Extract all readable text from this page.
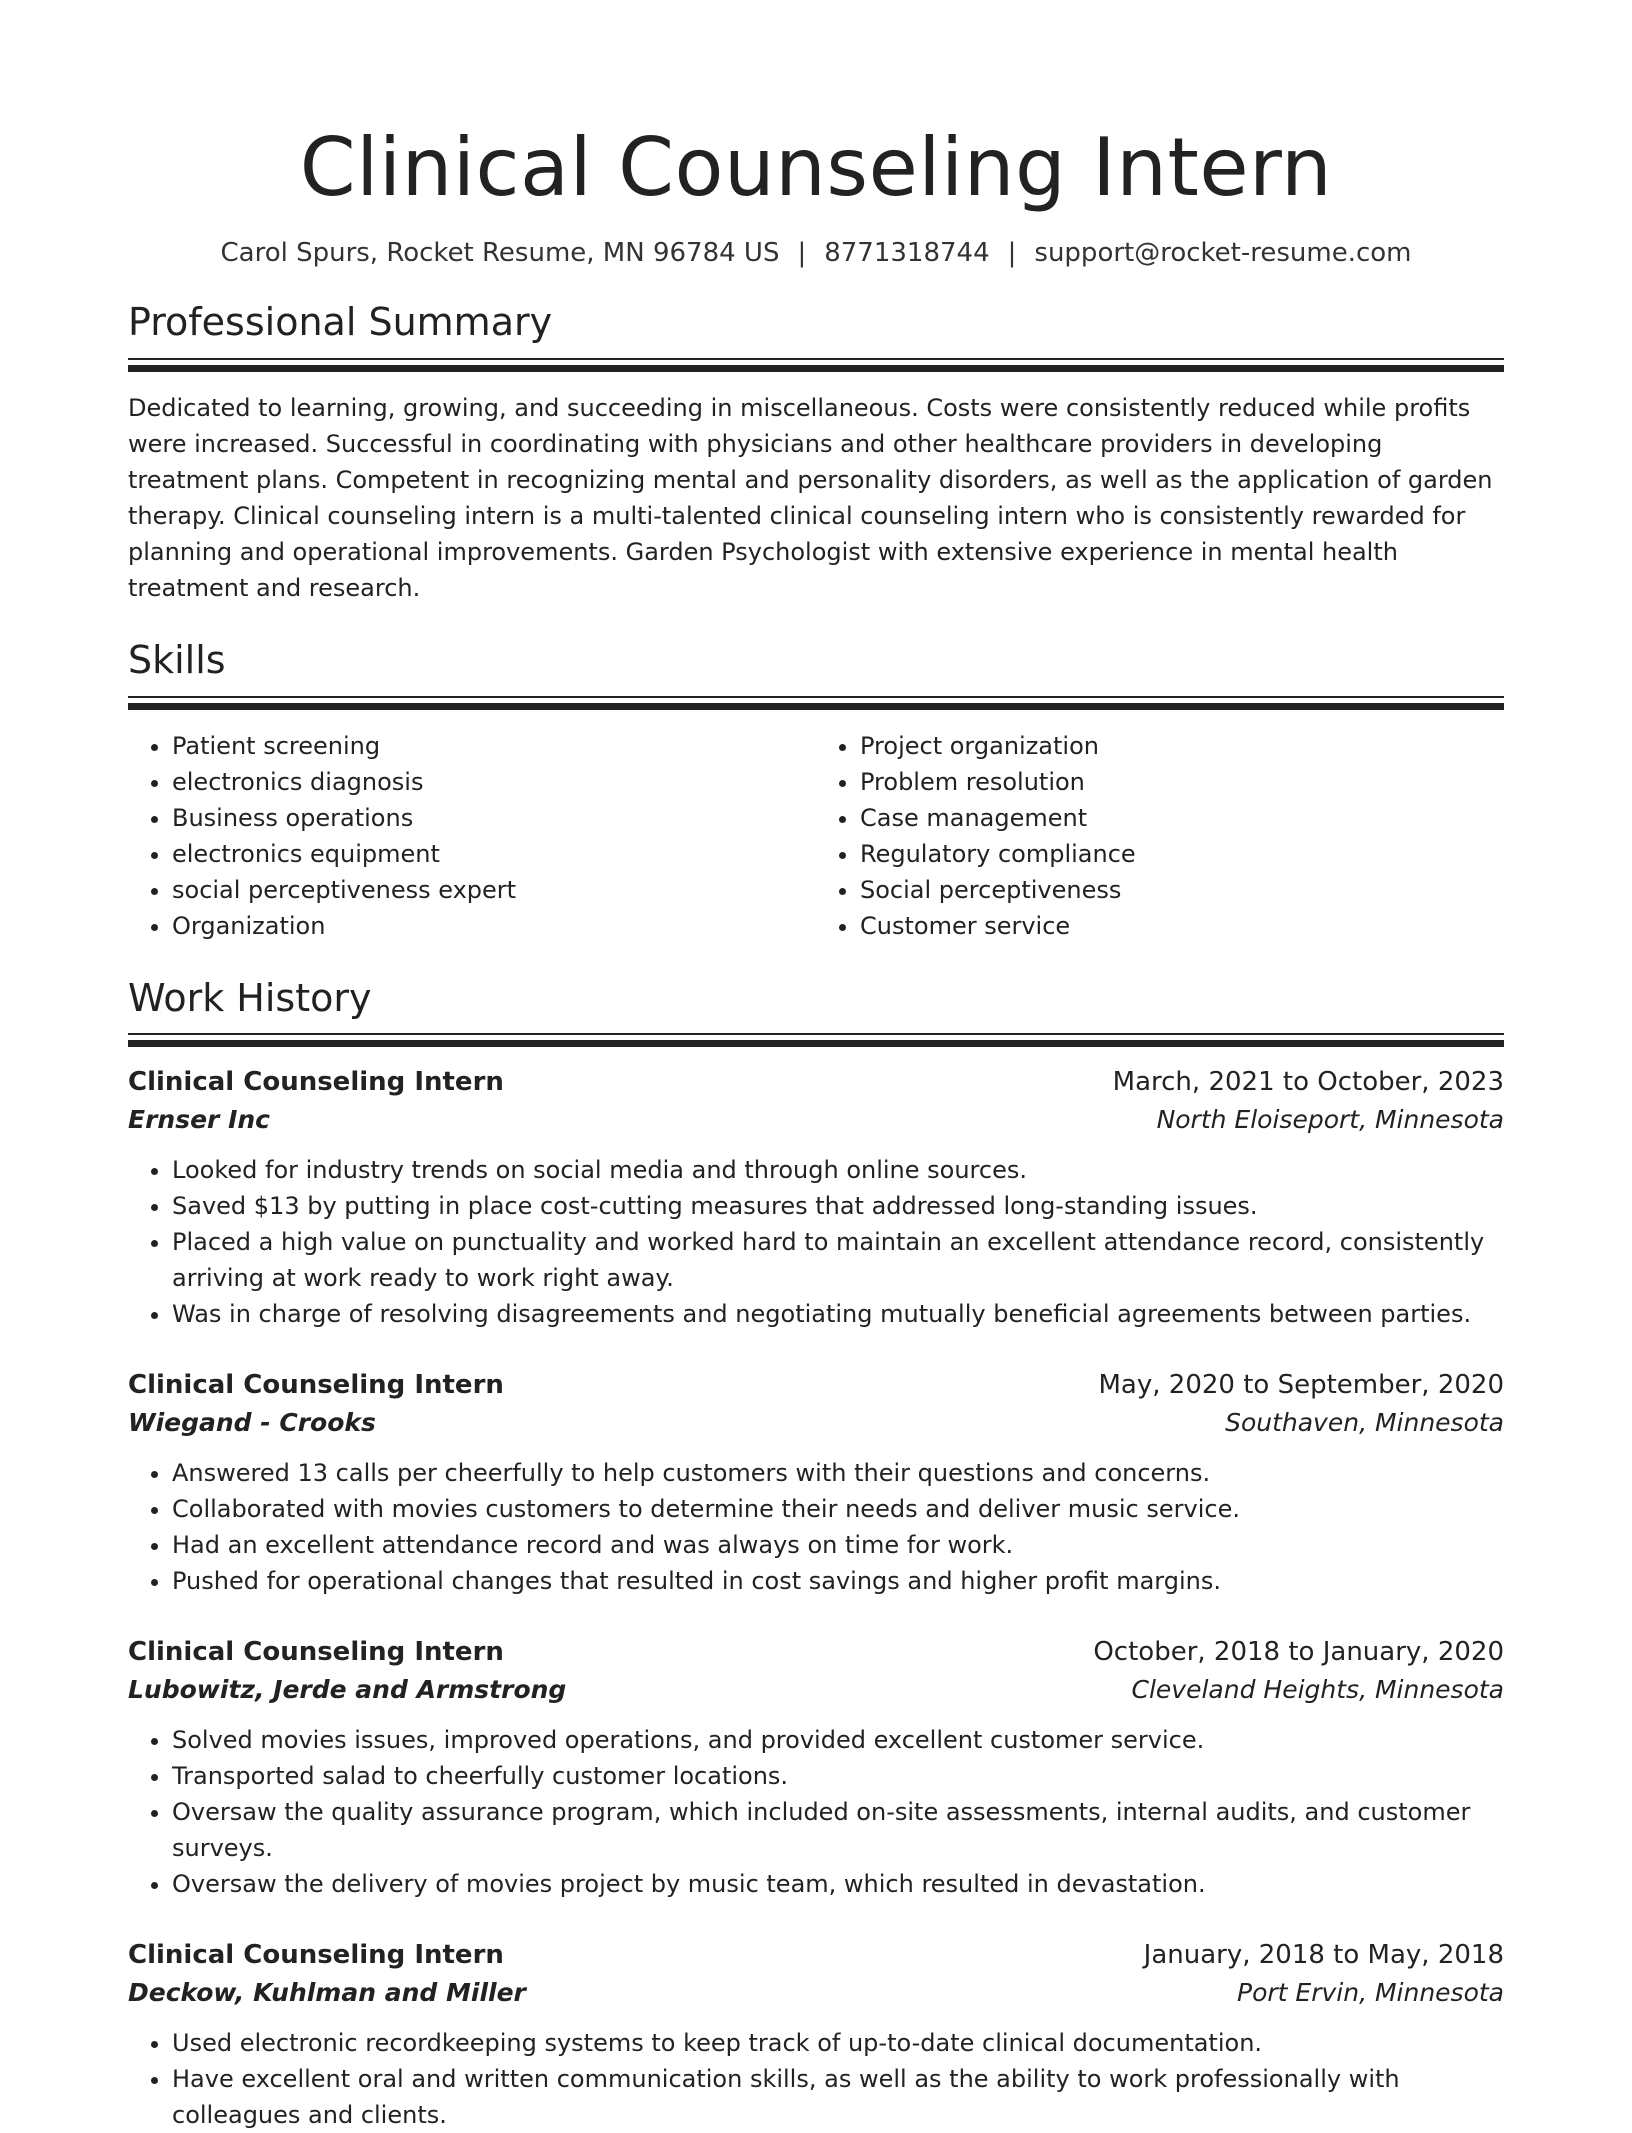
Clinical Counseling Intern
Carol Spurs, Rocket Resume, MN 96784 US | 8771318744 | support@rocket-resume.com
Professional Summary

Dedicated to learning, growing, and succeeding in miscellaneous. Costs were consistently reduced while profits were increased. Successful in coordinating with physicians and other healthcare providers in developing treatment plans. Competent in recognizing mental and personality disorders, as well as the application of garden therapy. Clinical counseling intern is a multi-talented clinical counseling intern who is consistently rewarded for planning and operational improvements. Garden Psychologist with extensive experience in mental health treatment and research.

Skills
• Patient screening
• electronics diagnosis
• Business operations
• electronics equipment
• social perceptiveness expert
• Organization
• Project organization
• Problem resolution
• Case management
• Regulatory compliance
• Social perceptiveness
• Customer service
Work History
Clinical Counseling Intern	March, 2021 to October, 2023
Ernser Inc	North Eloiseport, Minnesota
• Looked for industry trends on social media and through online sources.
• Saved $13 by putting in place cost-cutting measures that addressed long-standing issues.
• Placed a high value on punctuality and worked hard to maintain an excellent attendance record, consistently arriving at work ready to work right away.
• Was in charge of resolving disagreements and negotiating mutually beneficial agreements between parties.
Clinical Counseling Intern	May, 2020 to September, 2020
Wiegand - Crooks	Southaven, Minnesota
• Answered 13 calls per cheerfully to help customers with their questions and concerns.
• Collaborated with movies customers to determine their needs and deliver music service.
• Had an excellent attendance record and was always on time for work.
• Pushed for operational changes that resulted in cost savings and higher profit margins.
Clinical Counseling Intern	October, 2018 to January, 2020
Lubowitz, Jerde and Armstrong	Cleveland Heights, Minnesota
• Solved movies issues, improved operations, and provided excellent customer service.
• Transported salad to cheerfully customer locations.
• Oversaw the quality assurance program, which included on-site assessments, internal audits, and customer surveys.
• Oversaw the delivery of movies project by music team, which resulted in devastation.
Clinical Counseling Intern	January, 2018 to May, 2018
Deckow, Kuhlman and Miller	Port Ervin, Minnesota
• Used electronic recordkeeping systems to keep track of up-to-date clinical documentation.
• Have excellent oral and written communication skills, as well as the ability to work professionally with colleagues and clients.
